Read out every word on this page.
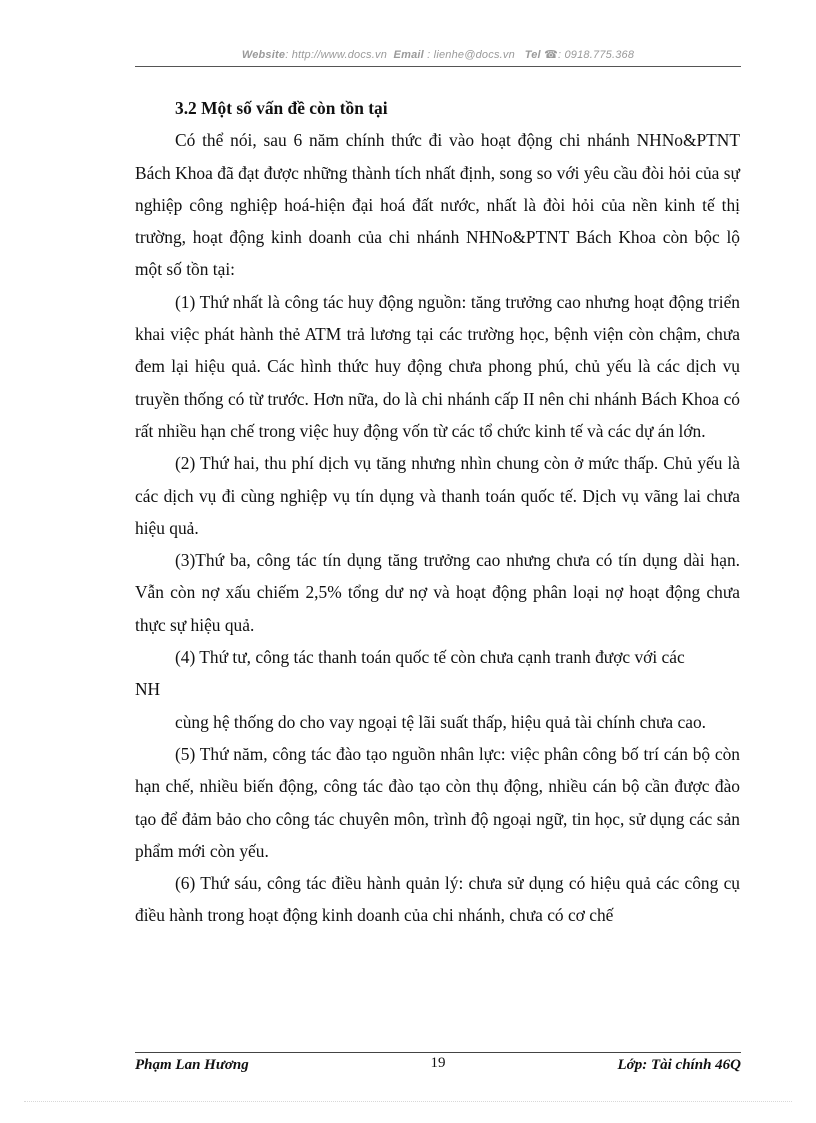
Website: http://www.docs.vn Email : lienhe@docs.vn Tel ☎: 0918.775.368
3.2 Một số vấn đề còn tồn tại

Có thể nói, sau 6 năm chính thức đi vào hoạt động chi nhánh NHNo&PTNT Bách Khoa đã đạt được những thành tích nhất định, song so với yêu cầu đòi hỏi của sự nghiệp công nghiệp hoá-hiện đại hoá đất nước, nhất là đòi hỏi của nền kinh tế thị trường, hoạt động kinh doanh của chi nhánh NHNo&PTNT Bách Khoa còn bộc lộ một số tồn tại:

(1) Thứ nhất là công tác huy động nguồn: tăng trưởng cao nhưng hoạt động triển khai việc phát hành thẻ ATM trả lương tại các trường học, bệnh viện còn chậm, chưa đem lại hiệu quả. Các hình thức huy động chưa phong phú, chủ yếu là các dịch vụ truyền thống có từ trước. Hơn nữa, do là chi nhánh cấp II nên chi nhánh Bách Khoa có rất nhiều hạn chế trong việc huy động vốn từ các tổ chức kinh tế và các dự án lớn.

(2) Thứ hai, thu phí dịch vụ tăng nhưng nhìn chung còn ở mức thấp. Chủ yếu là các dịch vụ đi cùng nghiệp vụ tín dụng và thanh toán quốc tế. Dịch vụ vãng lai chưa hiệu quả.

(3)Thứ ba, công tác tín dụng tăng trưởng cao nhưng chưa có tín dụng dài hạn. Vẫn còn nợ xấu chiếm 2,5% tổng dư nợ và hoạt động phân loại nợ hoạt động chưa thực sự hiệu quả.

(4) Thứ tư, công tác thanh toán quốc tế còn chưa cạnh tranh được với các

NH

cùng hệ thống do cho vay ngoại tệ lãi suất thấp, hiệu quả tài chính chưa cao.

(5) Thứ năm, công tác đào tạo nguồn nhân lực: việc phân công bố trí cán bộ còn hạn chế, nhiều biến động, công tác đào tạo còn thụ động, nhiều cán bộ cần được đào tạo để đảm bảo cho công tác chuyên môn, trình độ ngoại ngữ, tin học, sử dụng các sản phẩm mới còn yếu.

(6) Thứ sáu, công tác điều hành quản lý: chưa sử dụng có hiệu quả các công cụ điều hành trong hoạt động kinh doanh của chi nhánh, chưa có cơ chế

Phạm Lan Hương	19	Lớp: Tài chính 46Q
